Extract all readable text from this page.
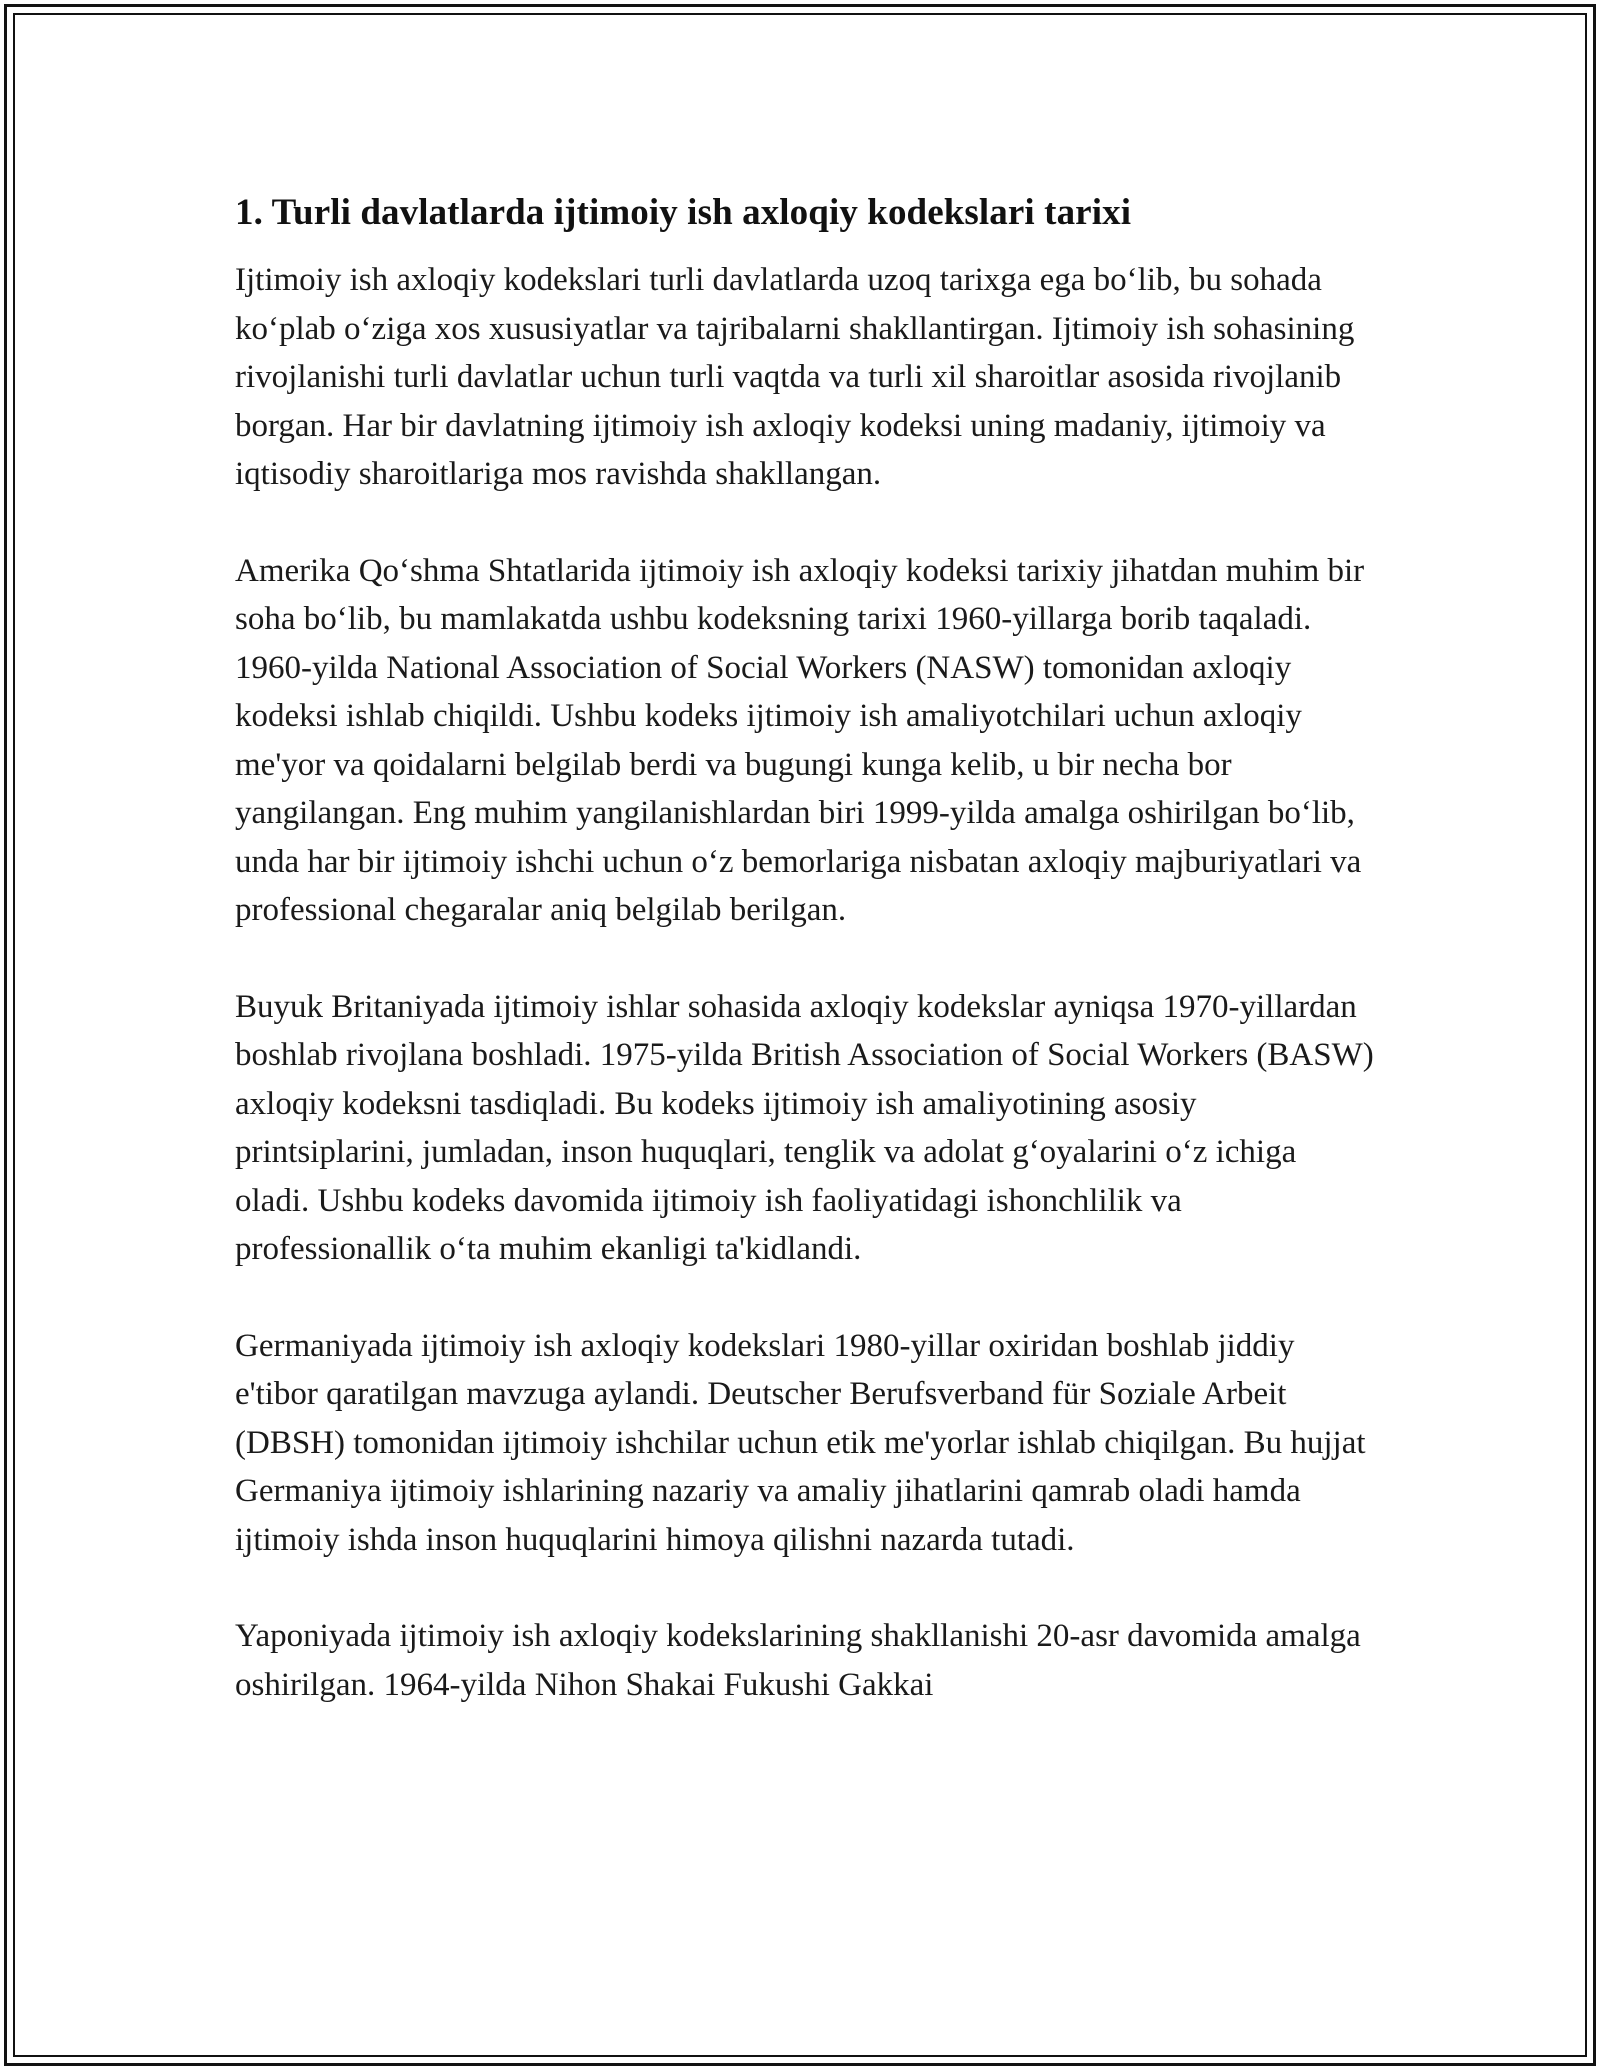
1. Turli davlatlarda ijtimoiy ish axloqiy kodekslari tarixi

Ijtimoiy ish axloqiy kodekslari turli davlatlarda uzoq tarixga ega bo‘lib, bu sohada ko‘plab o‘ziga xos xususiyatlar va tajribalarni shakllantirgan. Ijtimoiy ish sohasining rivojlanishi turli davlatlar uchun turli vaqtda va turli xil sharoitlar asosida rivojlanib borgan. Har bir davlatning ijtimoiy ish axloqiy kodeksi uning madaniy, ijtimoiy va iqtisodiy sharoitlariga mos ravishda shakllangan.

Amerika Qo‘shma Shtatlarida ijtimoiy ish axloqiy kodeksi tarixiy jihatdan muhim bir soha bo‘lib, bu mamlakatda ushbu kodeksning tarixi 1960-yillarga borib taqaladi. 1960-yilda National Association of Social Workers (NASW) tomonidan axloqiy kodeksi ishlab chiqildi. Ushbu kodeks ijtimoiy ish amaliyotchilari uchun axloqiy me'yor va qoidalarni belgilab berdi va bugungi kunga kelib, u bir necha bor yangilangan. Eng muhim yangilanishlardan biri 1999-yilda amalga oshirilgan bo‘lib, unda har bir ijtimoiy ishchi uchun o‘z bemorlariga nisbatan axloqiy majburiyatlari va professional chegaralar aniq belgilab berilgan.

Buyuk Britaniyada ijtimoiy ishlar sohasida axloqiy kodekslar ayniqsa 1970-yillardan boshlab rivojlana boshladi. 1975-yilda British Association of Social Workers (BASW) axloqiy kodeksni tasdiqladi. Bu kodeks ijtimoiy ish amaliyotining asosiy printsiplarini, jumladan, inson huquqlari, tenglik va adolat g‘oyalarini o‘z ichiga oladi. Ushbu kodeks davomida ijtimoiy ish faoliyatidagi ishonchlilik va professionallik o‘ta muhim ekanligi ta'kidlandi.

Germaniyada ijtimoiy ish axloqiy kodekslari 1980-yillar oxiridan boshlab jiddiy e'tibor qaratilgan mavzuga aylandi. Deutscher Berufsverband für Soziale Arbeit (DBSH) tomonidan ijtimoiy ishchilar uchun etik me'yorlar ishlab chiqilgan. Bu hujjat Germaniya ijtimoiy ishlarining nazariy va amaliy jihatlarini qamrab oladi hamda ijtimoiy ishda inson huquqlarini himoya qilishni nazarda tutadi.

Yaponiyada ijtimoiy ish axloqiy kodekslarining shakllanishi 20-asr davomida amalga oshirilgan. 1964-yilda Nihon Shakai Fukushi Gakkai
